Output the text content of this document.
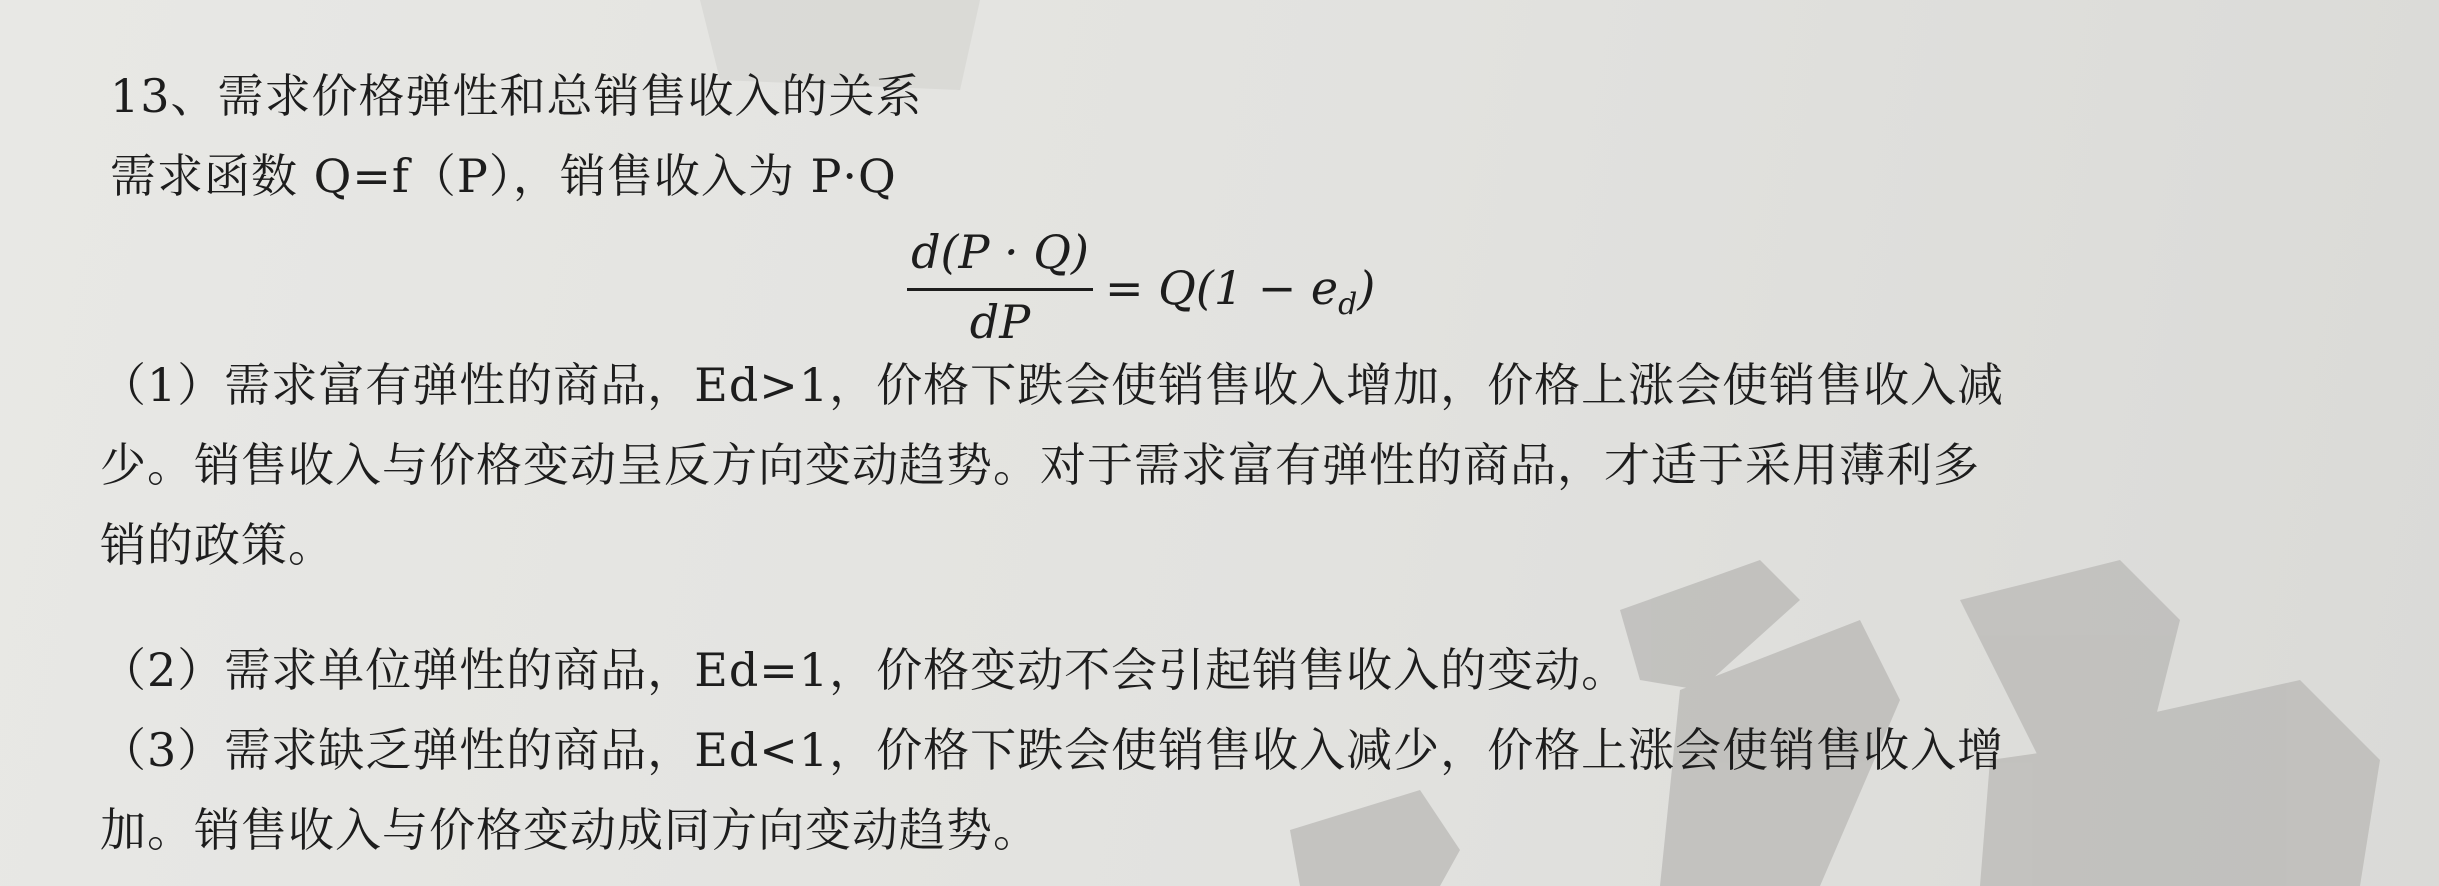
13、需求价格弹性和总销售收入的关系
需求函数 Q=f（P），销售收入为 P·Q
d(P · Q)
dP
= $Q(1 - e_d)$
（1）需求富有弹性的商品，Ed>1，价格下跌会使销售收入增加，价格上涨会使销售收入减
少。销售收入与价格变动呈反方向变动趋势。对于需求富有弹性的商品，才适于采用薄利多
销的政策。
（2）需求单位弹性的商品，Ed=1，价格变动不会引起销售收入的变动。
（3）需求缺乏弹性的商品，Ed<1，价格下跌会使销售收入减少，价格上涨会使销售收入增
加。销售收入与价格变动成同方向变动趋势。
